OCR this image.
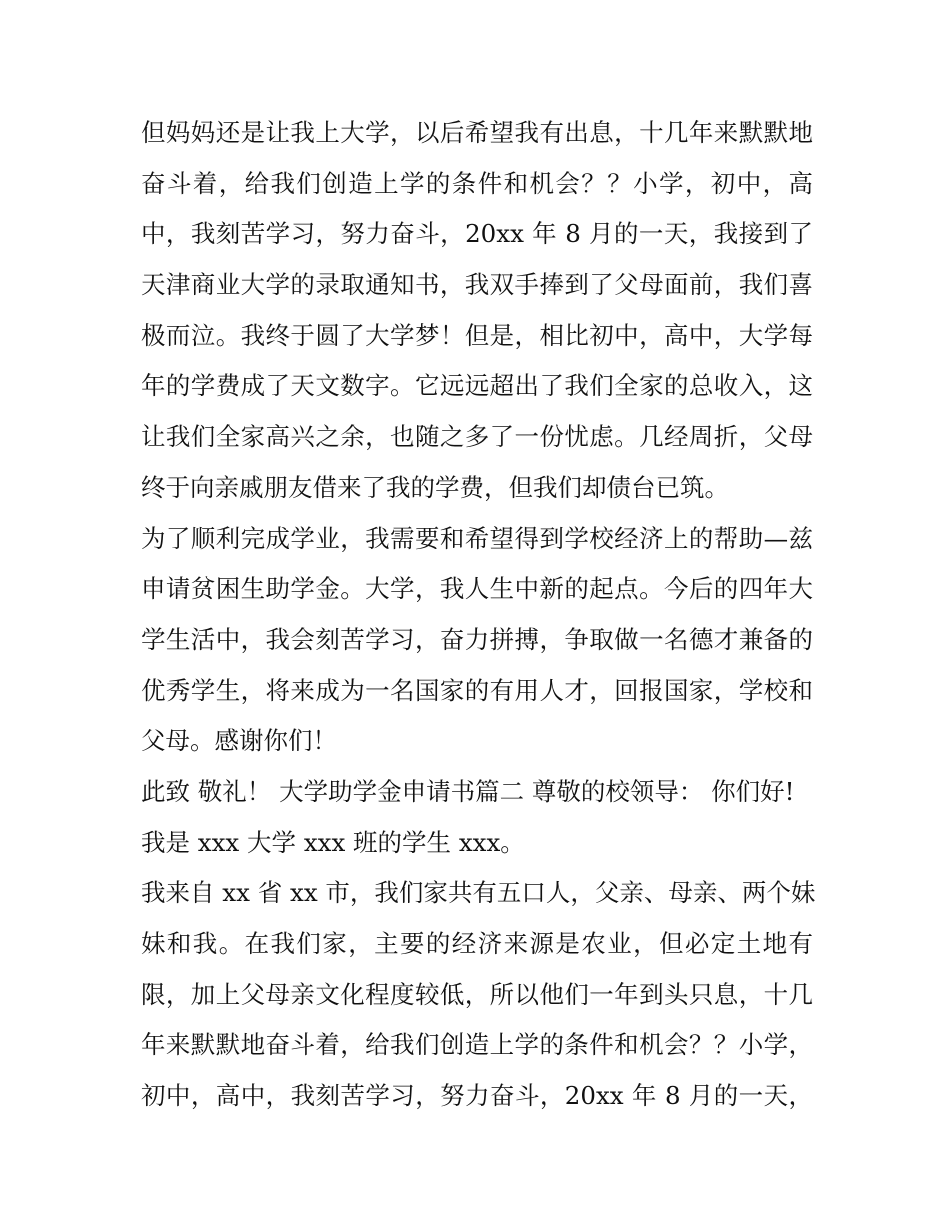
但妈妈还是让我上大学，以后希望我有出息，十几年来默默地
奋斗着，给我们创造上学的条件和机会？？小学，初中，高
中，我刻苦学习，努力奋斗，20xx 年 8 月的一天，我接到了
天津商业大学的录取通知书，我双手捧到了父母面前，我们喜
极而泣。我终于圆了大学梦！但是，相比初中，高中，大学每
年的学费成了天文数字。它远远超出了我们全家的总收入，这
让我们全家高兴之余，也随之多了一份忧虑。几经周折，父母
终于向亲戚朋友借来了我的学费，但我们却债台已筑。
为了顺利完成学业，我需要和希望得到学校经济上的帮助—兹
申请贫困生助学金。大学，我人生中新的起点。今后的四年大
学生活中，我会刻苦学习，奋力拼搏，争取做一名德才兼备的
优秀学生，将来成为一名国家的有用人才，回报国家，学校和
父母。感谢你们！
此致 敬礼！ 大学助学金申请书篇二 尊敬的校领导： 你们好!
我是 xxx 大学 xxx 班的学生 xxx。
我来自 xx 省 xx 市，我们家共有五口人，父亲、母亲、两个妹
妹和我。在我们家，主要的经济来源是农业，但必定土地有
限，加上父母亲文化程度较低，所以他们一年到头只息，十几
年来默默地奋斗着，给我们创造上学的条件和机会？？小学，
初中，高中，我刻苦学习，努力奋斗，20xx 年 8 月的一天，
